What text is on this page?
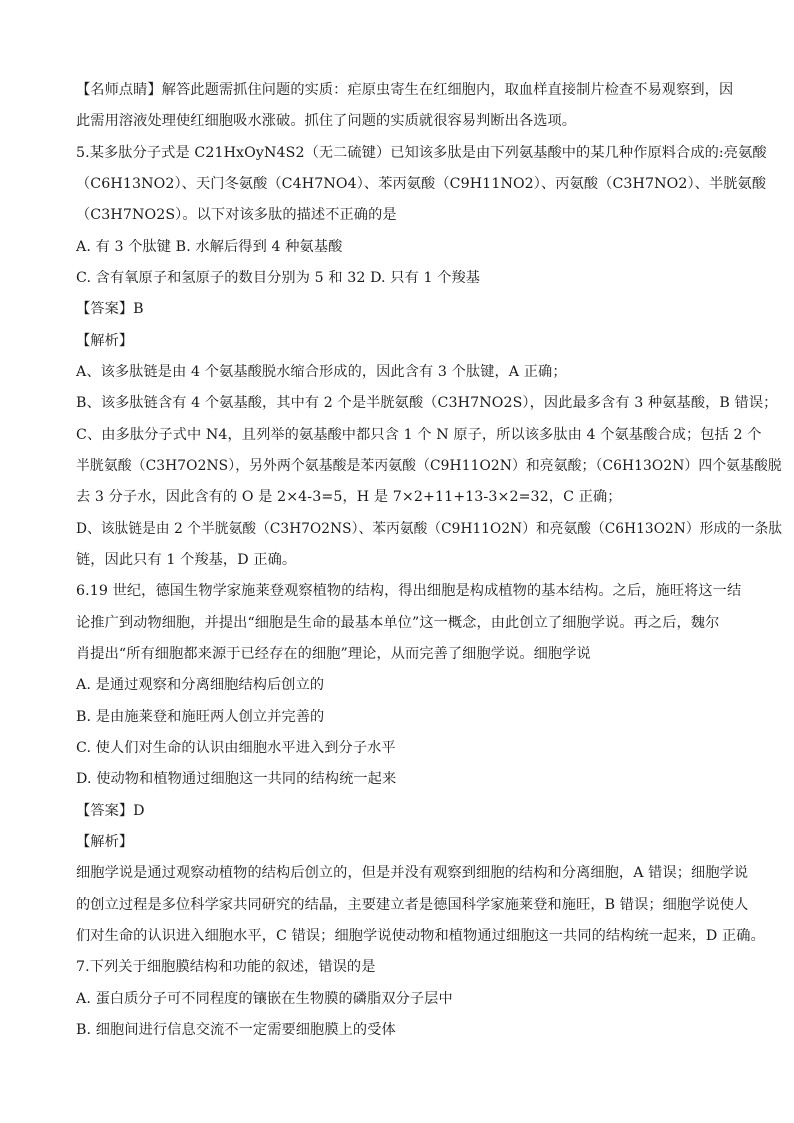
【名师点睛】解答此题需抓住问题的实质：疟原虫寄生在红细胞内，取血样直接制片检查不易观察到，因
此需用溶液处理使红细胞吸水涨破。抓住了问题的实质就很容易判断出各选项。
5.某多肽分子式是 C21HxOyN4S2（无二硫键）已知该多肽是由下列氨基酸中的某几种作原料合成的:亮氨酸
（C6H13NO2）、天门冬氨酸（C4H7NO4）、苯丙氨酸（C9H11NO2）、丙氨酸（C3H7NO2）、半胱氨酸
（C3H7NO2S）。以下对该多肽的描述不正确的是
A. 有 3 个肽键 B. 水解后得到 4 种氨基酸
C. 含有氧原子和氢原子的数目分别为 5 和 32 D. 只有 1 个羧基
【答案】B
【解析】
A、该多肽链是由 4 个氨基酸脱水缩合形成的，因此含有 3 个肽键，A 正确；
B、该多肽链含有 4 个氨基酸，其中有 2 个是半胱氨酸（C3H7NO2S），因此最多含有 3 种氨基酸，B 错误；
C、由多肽分子式中 N4，且列举的氨基酸中都只含 1 个 N 原子，所以该多肽由 4 个氨基酸合成；包括 2 个
半胱氨酸（C3H7O2NS），另外两个氨基酸是苯丙氨酸（C9H11O2N）和亮氨酸；（C6H13O2N）四个氨基酸脱
去 3 分子水，因此含有的 O 是 2×4-3=5，H 是 7×2+11+13-3×2=32，C 正确；
D、该肽链是由 2 个半胱氨酸（C3H7O2NS）、苯丙氨酸（C9H11O2N）和亮氨酸（C6H13O2N）形成的一条肽
链，因此只有 1 个羧基，D 正确。
6.19 世纪，德国生物学家施莱登观察植物的结构，得出细胞是构成植物的基本结构。之后，施旺将这一结
论推广到动物细胞，并提出“细胞是生命的最基本单位”这一概念，由此创立了细胞学说。再之后，魏尔
肖提出“所有细胞都来源于已经存在的细胞”理论，从而完善了细胞学说。细胞学说
A. 是通过观察和分离细胞结构后创立的
B. 是由施莱登和施旺两人创立并完善的
C. 使人们对生命的认识由细胞水平进入到分子水平
D. 使动物和植物通过细胞这一共同的结构统一起来
【答案】D
【解析】
细胞学说是通过观察动植物的结构后创立的，但是并没有观察到细胞的结构和分离细胞，A 错误；细胞学说
的创立过程是多位科学家共同研究的结晶，主要建立者是德国科学家施莱登和施旺，B 错误；细胞学说使人
们对生命的认识进入细胞水平，C 错误；细胞学说使动物和植物通过细胞这一共同的结构统一起来，D 正确。
7.下列关于细胞膜结构和功能的叙述，错误的是
A. 蛋白质分子可不同程度的镶嵌在生物膜的磷脂双分子层中
B. 细胞间进行信息交流不一定需要细胞膜上的受体
